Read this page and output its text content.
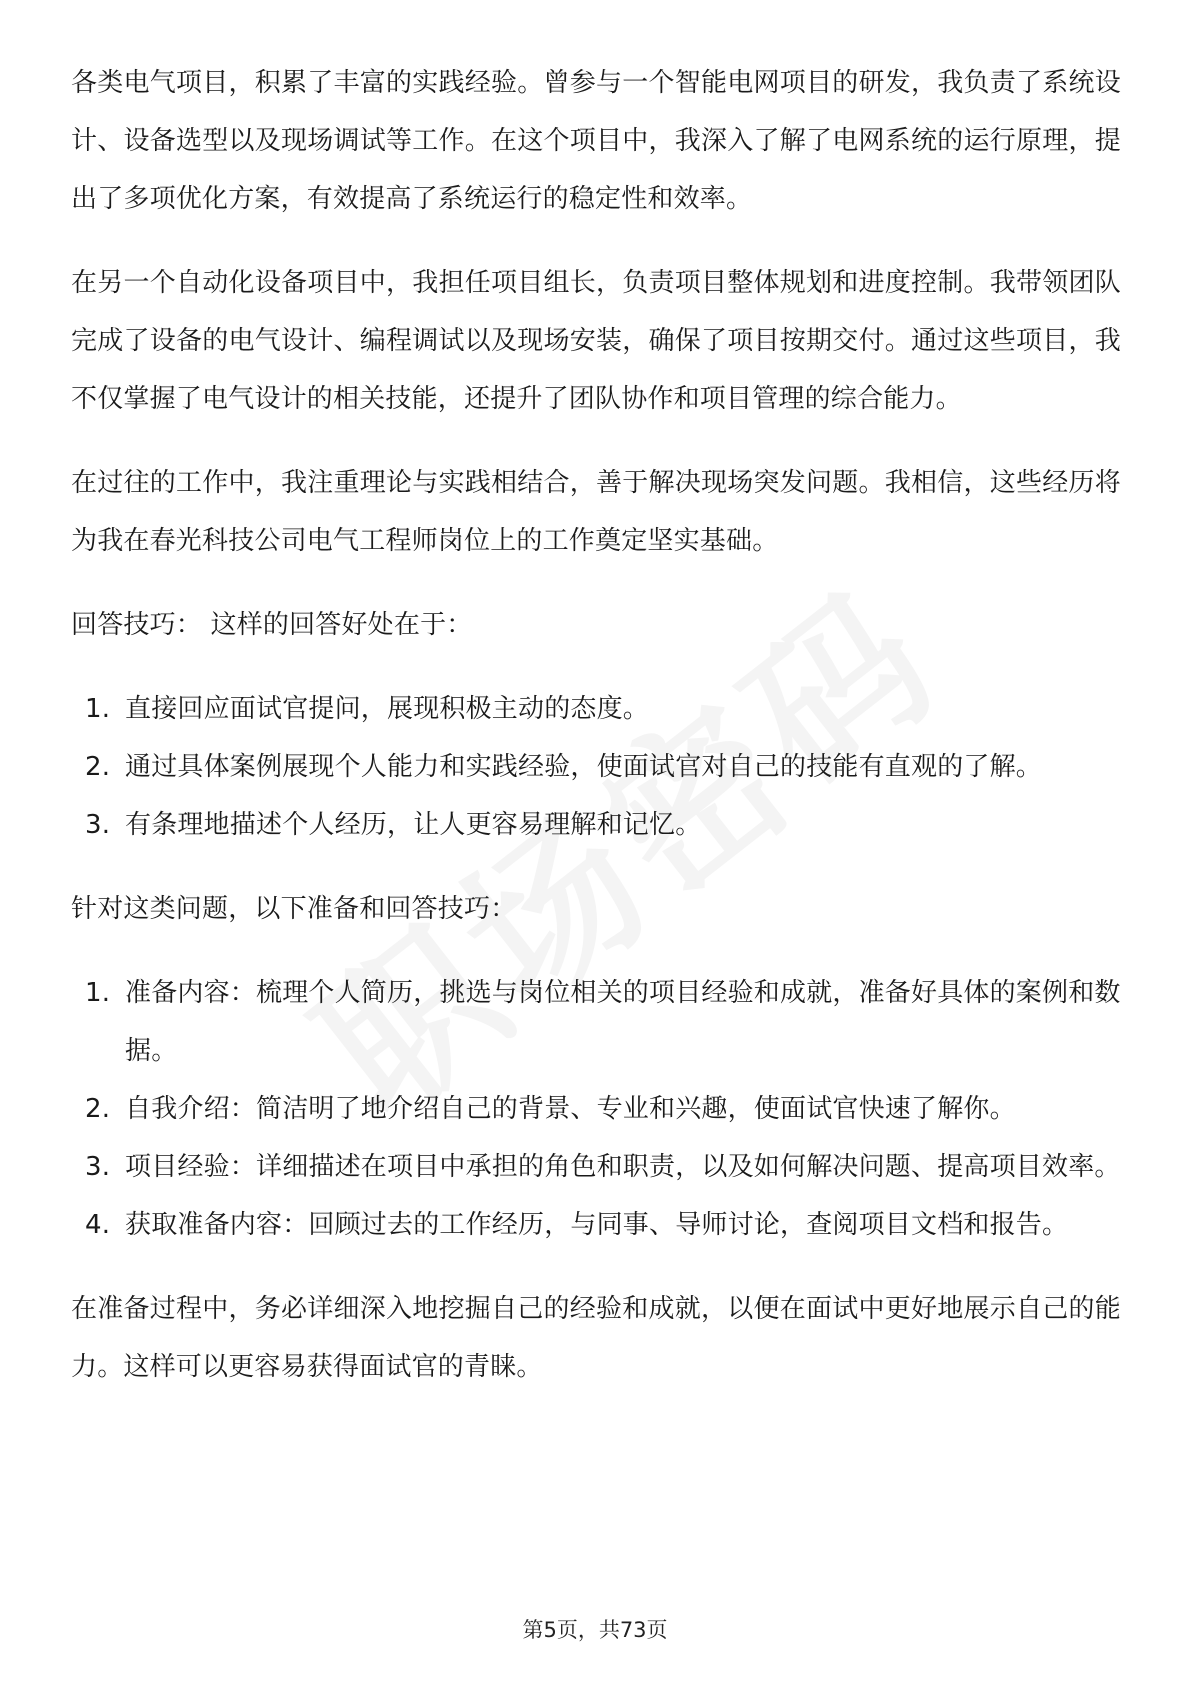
各类电气项目，积累了丰富的实践经验。曾参与一个智能电网项目的研发，我负责了系统设计、设备选型以及现场调试等工作。在这个项目中，我深入了解了电网系统的运行原理，提出了多项优化方案，有效提高了系统运行的稳定性和效率。

在另一个自动化设备项目中，我担任项目组长，负责项目整体规划和进度控制。我带领团队完成了设备的电气设计、编程调试以及现场安装，确保了项目按期交付。通过这些项目，我不仅掌握了电气设计的相关技能，还提升了团队协作和项目管理的综合能力。

在过往的工作中，我注重理论与实践相结合，善于解决现场突发问题。我相信，这些经历将为我在春光科技公司电气工程师岗位上的工作奠定坚实基础。

回答技巧： 这样的回答好处在于：

1. 直接回应面试官提问，展现积极主动的态度。
2. 通过具体案例展现个人能力和实践经验，使面试官对自己的技能有直观的了解。
3. 有条理地描述个人经历，让人更容易理解和记忆。

针对这类问题，以下准备和回答技巧：

1. 准备内容：梳理个人简历，挑选与岗位相关的项目经验和成就，准备好具体的案例和数据。
2. 自我介绍：简洁明了地介绍自己的背景、专业和兴趣，使面试官快速了解你。
3. 项目经验：详细描述在项目中承担的角色和职责，以及如何解决问题、提高项目效率。
4. 获取准备内容：回顾过去的工作经历，与同事、导师讨论，查阅项目文档和报告。

在准备过程中，务必详细深入地挖掘自己的经验和成就，以便在面试中更好地展示自己的能力。这样可以更容易获得面试官的青睐。

第5页，共73页
